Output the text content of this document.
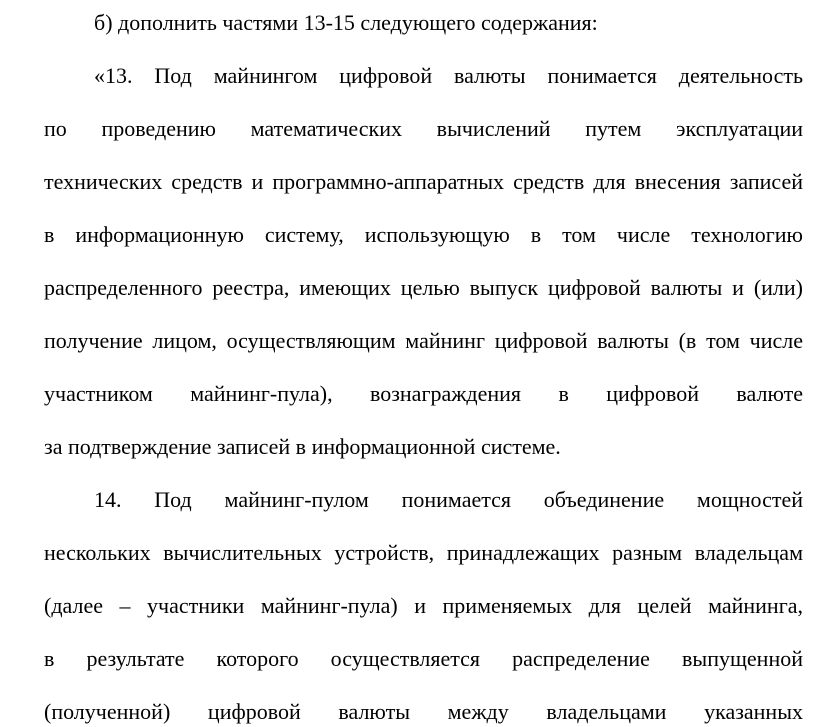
б) дополнить частями 13-15 следующего содержания:
«13. Под майнингом цифровой валюты понимается деятельность
по проведению математических вычислений путем эксплуатации
технических средств и программно-аппаратных средств для внесения записей
в информационную систему, использующую в том числе технологию
распределенного реестра, имеющих целью выпуск цифровой валюты и (или)
получение лицом, осуществляющим майнинг цифровой валюты (в том числе
участником майнинг-пула), вознаграждения в цифровой валюте
за подтверждение записей в информационной системе.
14. Под майнинг-пулом понимается объединение мощностей
нескольких вычислительных устройств, принадлежащих разным владельцам
(далее – участники майнинг-пула) и применяемых для целей майнинга,
в результате которого осуществляется распределение выпущенной
(полученной) цифровой валюты между владельцами указанных
